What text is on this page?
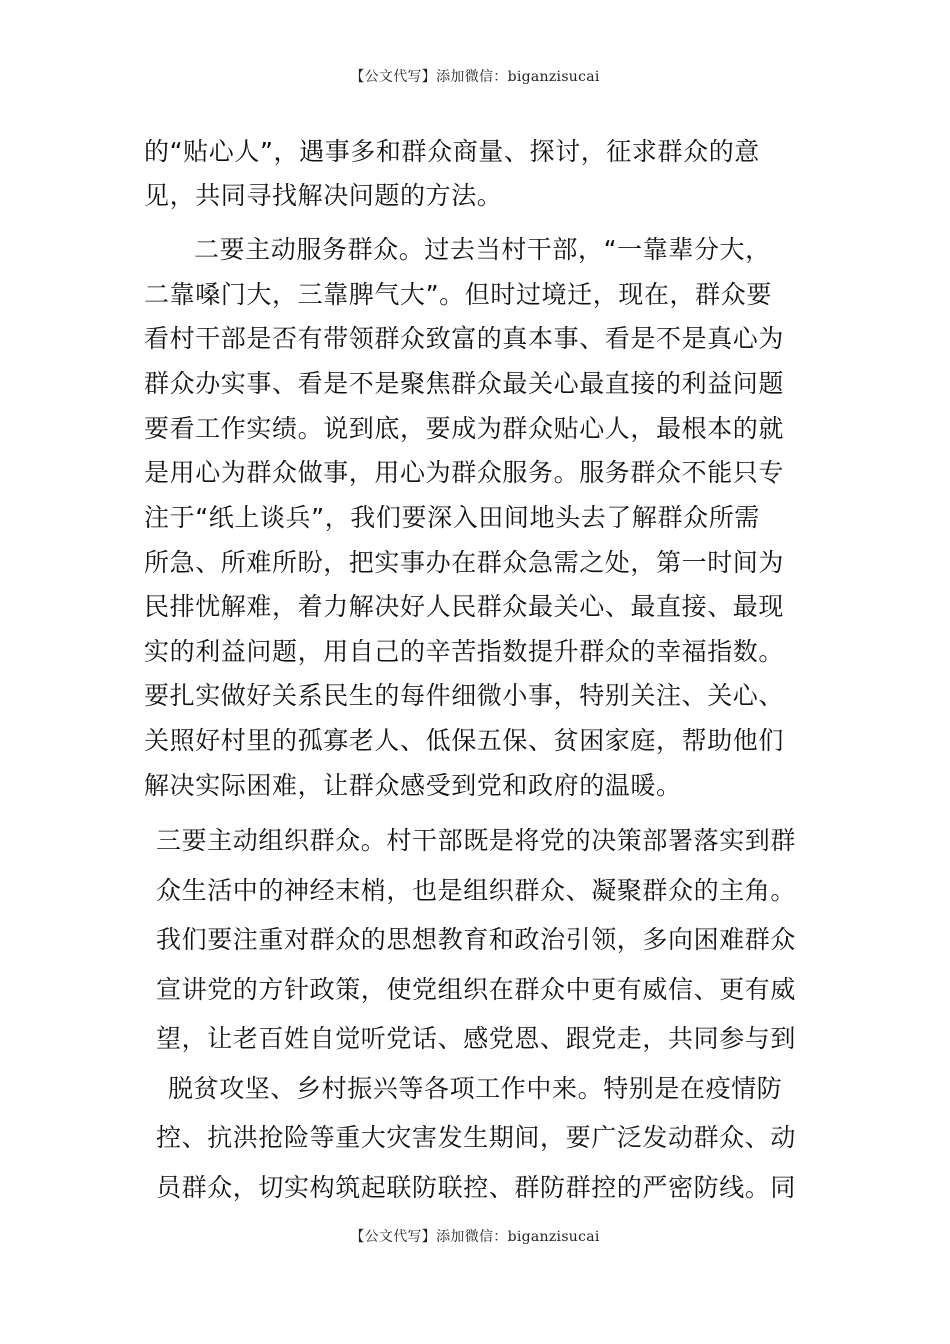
【公文代写】添加微信：biganzisucai
的“贴心人”，遇事多和群众商量、探讨，征求群众的意
见，共同寻找解决问题的方法。
二要主动服务群众。过去当村干部，“一靠辈分大，
二靠嗓门大，三靠脾气大”。但时过境迁，现在，群众要
看村干部是否有带领群众致富的真本事、看是不是真心为
群众办实事、看是不是聚焦群众最关心最直接的利益问题
要看工作实绩。说到底，要成为群众贴心人，最根本的就
是用心为群众做事，用心为群众服务。服务群众不能只专
注于“纸上谈兵”，我们要深入田间地头去了解群众所需
所急、所难所盼，把实事办在群众急需之处，第一时间为
民排忧解难，着力解决好人民群众最关心、最直接、最现
实的利益问题，用自己的辛苦指数提升群众的幸福指数。
要扎实做好关系民生的每件细微小事，特别关注、关心、
关照好村里的孤寡老人、低保五保、贫困家庭，帮助他们
解决实际困难，让群众感受到党和政府的温暖。
三要主动组织群众。村干部既是将党的决策部署落实到群
众生活中的神经末梢，也是组织群众、凝聚群众的主角。
我们要注重对群众的思想教育和政治引领，多向困难群众
宣讲党的方针政策，使党组织在群众中更有威信、更有威
望，让老百姓自觉听党话、感党恩、跟党走，共同参与到
脱贫攻坚、乡村振兴等各项工作中来。特别是在疫情防
控、抗洪抢险等重大灾害发生期间，要广泛发动群众、动
员群众，切实构筑起联防联控、群防群控的严密防线。同
【公文代写】添加微信：biganzisucai
